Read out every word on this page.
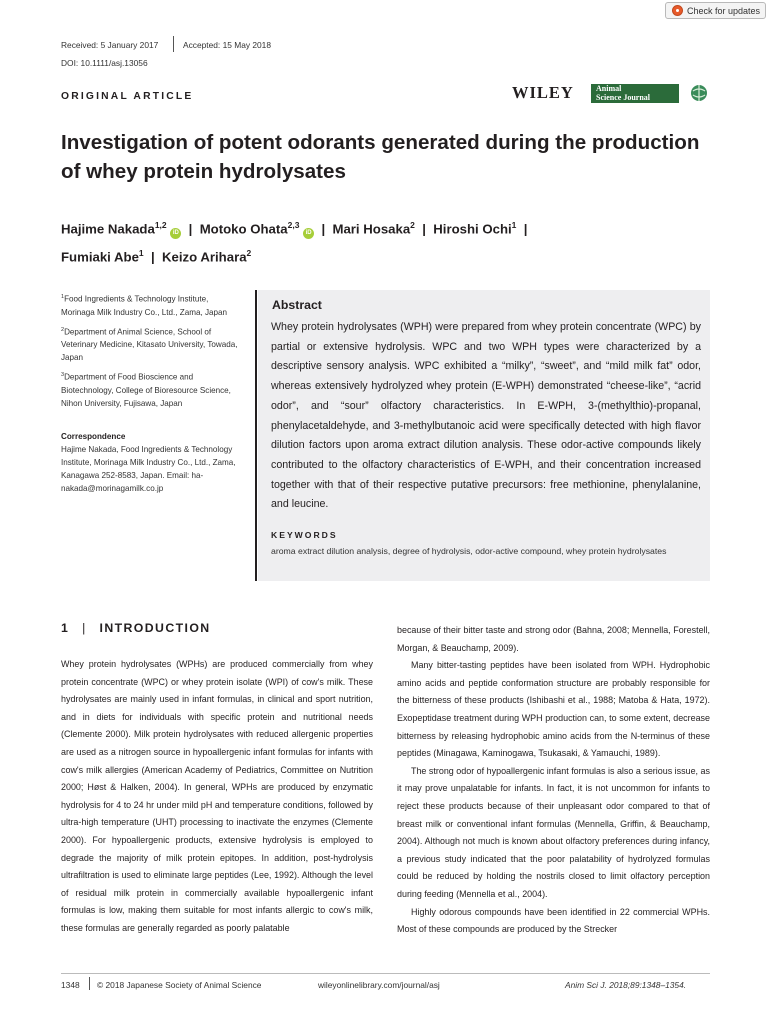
Check for updates
Received: 5 January 2017	Accepted: 15 May 2018
DOI: 10.1111/asj.13056
ORIGINAL ARTICLE	WILEY	Animal
Science Journal
Investigation of potent odorants generated during the production of whey protein hydrolysates
Hajime Nakada$^{1,2}$ iD | Motoko Ohata$^{2,3}$ iD | Mari Hosaka$^2$ | Hiroshi Ochi$^1$ |
Fumiaki Abe$^1$ | Keizo Arihara$^2$

$^1$Food Ingredients & Technology Institute, Morinaga Milk Industry Co., Ltd., Zama, Japan

$^2$Department of Animal Science, School of Veterinary Medicine, Kitasato University, Towada, Japan

$^3$Department of Food Bioscience and Biotechnology, College of Bioresource Science, Nihon University, Fujisawa, Japan

Correspondence
Hajime Nakada, Food Ingredients & Technology Institute, Morinaga Milk Industry Co., Ltd., Zama, Kanagawa 252-8583, Japan. Email: ha-nakada@morinagamilk.co.jp
Abstract
Whey protein hydrolysates (WPH) were prepared from whey protein concentrate (WPC) by partial or extensive hydrolysis. WPC and two WPH types were characterized by a descriptive sensory analysis. WPC exhibited a “milky”, “sweet”, and “mild milk fat” odor, whereas extensively hydrolyzed whey protein (E-WPH) demonstrated “cheese-like”, “acrid odor”, and “sour” olfactory characteristics. In E-WPH, 3-(methylthio)-propanal, phenylacetaldehyde, and 3-methylbutanoic acid were specifically detected with high flavor dilution factors upon aroma extract dilution analysis. These odor-active compounds likely contributed to the olfactory characteristics of E-WPH, and their concentration increased together with that of their respective putative precursors: free methionine, phenylalanine, and leucine.
KEYWORDS
aroma extract dilution analysis, degree of hydrolysis, odor-active compound, whey protein hydrolysates
1 | INTRODUCTION

Whey protein hydrolysates (WPHs) are produced commercially from whey protein concentrate (WPC) or whey protein isolate (WPI) of cow's milk. These hydrolysates are mainly used in infant formulas, in clinical and sport nutrition, and in diets for individuals with specific protein and nutritional needs (Clemente 2000). Milk protein hydrolysates with reduced allergenic properties are used as a nitrogen source in hypoallergenic infant formulas for infants with cow's milk allergies (American Academy of Pediatrics, Committee on Nutrition 2000; Høst & Halken, 2004). In general, WPHs are produced by enzymatic hydrolysis for 4 to 24 hr under mild pH and temperature conditions, followed by ultra-high temperature (UHT) processing to inactivate the enzymes (Clemente 2000). For hypoallergenic products, extensive hydrolysis is employed to degrade the majority of milk protein epitopes. In addition, post-hydrolysis ultrafiltration is used to eliminate large peptides (Lee, 1992). Although the level of residual milk protein in commercially available hypoallergenic infant formulas is low, making them suitable for most infants allergic to cow's milk, these formulas are generally regarded as poorly palatable

because of their bitter taste and strong odor (Bahna, 2008; Mennella, Forestell, Morgan, & Beauchamp, 2009).

Many bitter-tasting peptides have been isolated from WPH. Hydrophobic amino acids and peptide conformation structure are probably responsible for the bitterness of these products (Ishibashi et al., 1988; Matoba & Hata, 1972). Exopeptidase treatment during WPH production can, to some extent, decrease bitterness by releasing hydrophobic amino acids from the N-terminus of these peptides (Minagawa, Kaminogawa, Tsukasaki, & Yamauchi, 1989).

The strong odor of hypoallergenic infant formulas is also a serious issue, as it may prove unpalatable for infants. In fact, it is not uncommon for infants to reject these products because of their unpleasant odor compared to that of breast milk or conventional infant formulas (Mennella, Griffin, & Beauchamp, 2004). Although not much is known about olfactory preferences during infancy, a previous study indicated that the poor palatability of hydrolyzed formulas could be reduced by holding the nostrils closed to limit olfactory perception during feeding (Mennella et al., 2004).

Highly odorous compounds have been identified in 22 commercial WPHs. Most of these compounds are produced by the Strecker

1348 © 2018 Japanese Society of Animal Science	wileyonlinelibrary.com/journal/asj	Anim Sci J. 2018;89:1348–1354.
